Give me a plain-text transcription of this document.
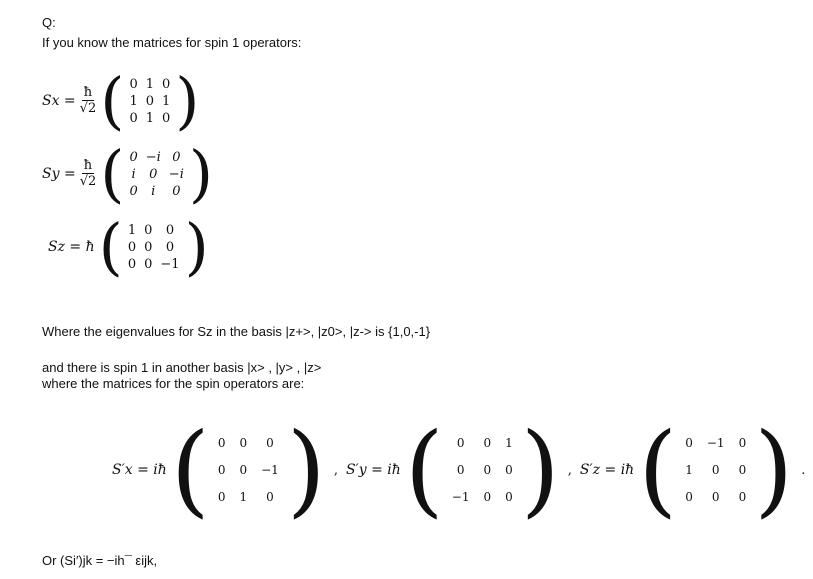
Q:
If you know the matrices for spin 1 operators:
$Sx = \frac{ħ}{√2}$ ( 0	1	0
1	0	1
0	1	0 )
$Sy = \frac{ħ}{√2}$ ( 0	−i	0
i	0	−i
0	i	0 )
Sz = ħ ( 1	0	0
0	0	0
0	0	−1 )
Where the eigenvalues for Sz in the basis |z+>, |z0>, |z-> is {1,0,-1}
and there is spin 1 in another basis |x> , |y> , |z>
where the matrices for the spin operators are:
S′x = iħ ( 0	0	0
0	0	−1
0	1	0 ) , S′y = iħ ( 0	0	1
0	0	0
−1	0	0 ) , S′z = iħ ( 0	−1	0
1	0	0
0	0	0 ) .
Or (Si′)jk = −ih¯ εijk,
